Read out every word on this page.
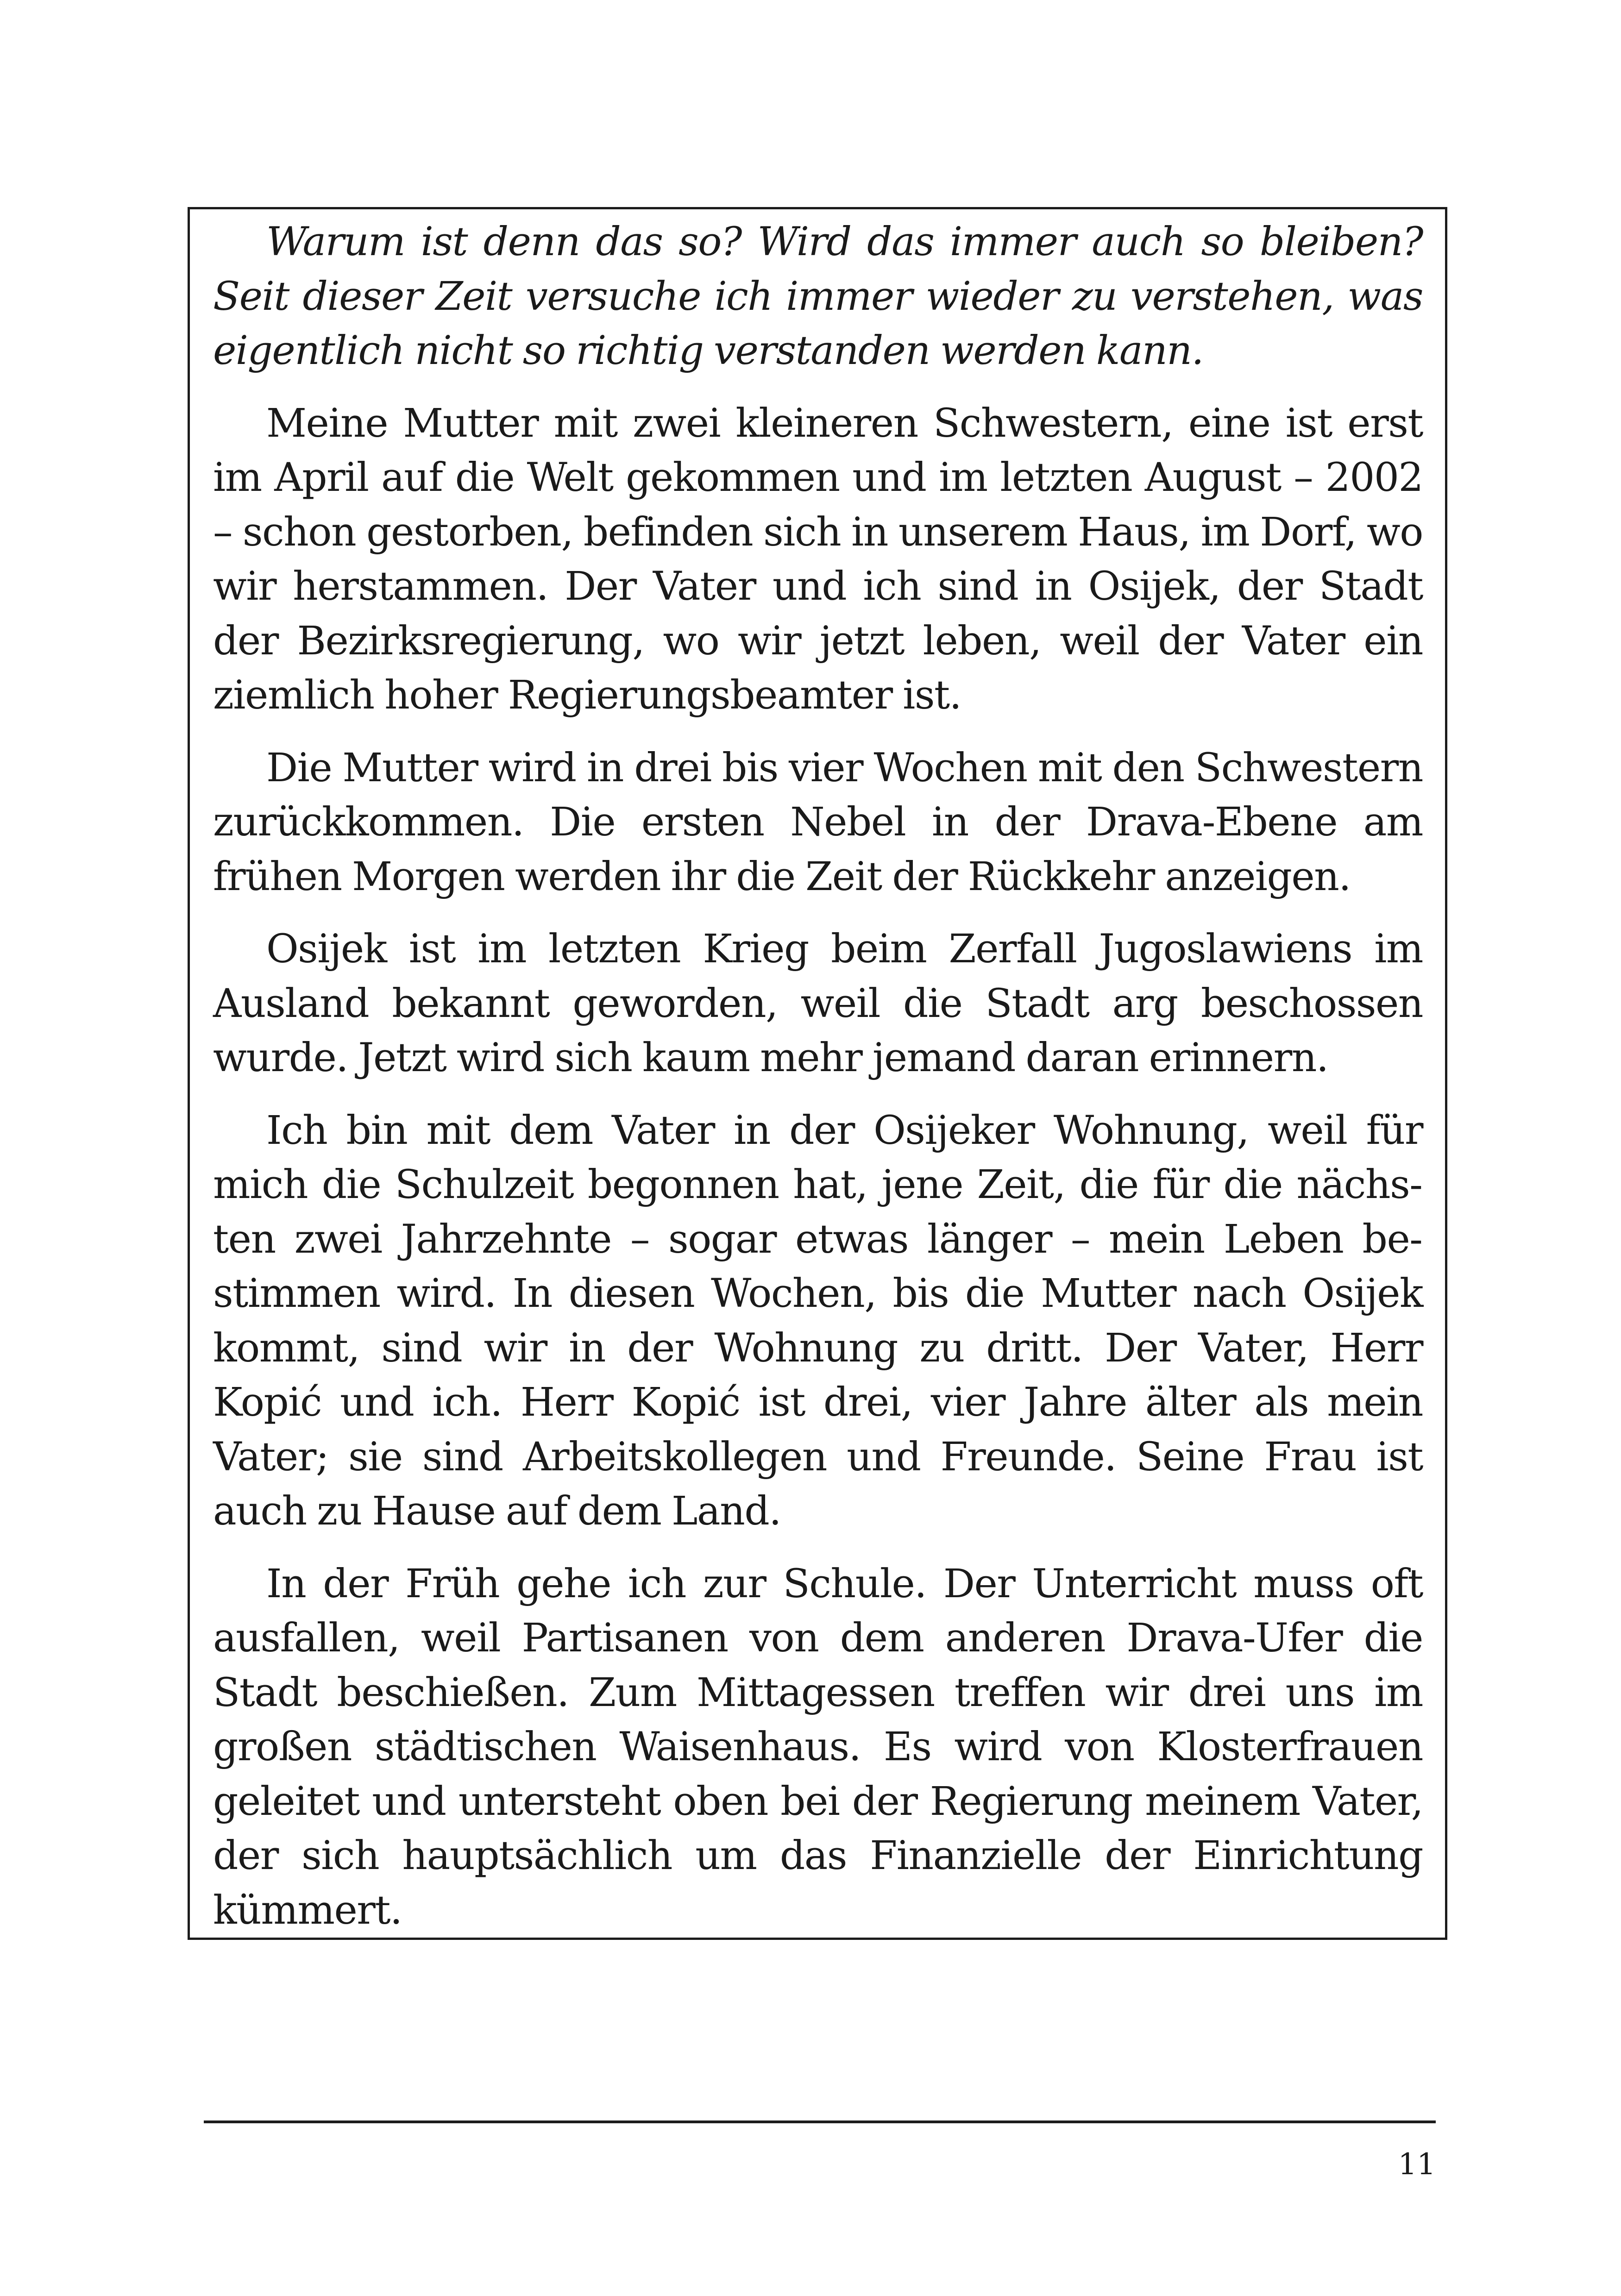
Warum ist denn das so? Wird das immer auch so bleiben? Seit dieser Zeit versuche ich immer wieder zu verstehen, was eigentlich nicht so richtig verstanden werden kann.

Meine Mutter mit zwei kleineren Schwestern, eine ist erst im April auf die Welt gekommen und im letzten August – 2002 – schon gestorben, befinden sich in unserem Haus, im Dorf, wo wir herstammen. Der Vater und ich sind in Osijek, der Stadt der Bezirksregierung, wo wir jetzt leben, weil der Vater ein ziemlich hoher Regierungsbeamter ist.

Die Mutter wird in drei bis vier Wochen mit den Schwestern zurückkommen. Die ersten Nebel in der Drava-Ebene am frühen Morgen werden ihr die Zeit der Rückkehr anzeigen.

Osijek ist im letzten Krieg beim Zerfall Jugoslawiens im Ausland bekannt geworden, weil die Stadt arg beschossen wurde. Jetzt wird sich kaum mehr jemand daran erinnern.

Ich bin mit dem Vater in der Osijeker Wohnung, weil für mich die Schulzeit begonnen hat, jene Zeit, die für die nächsten zwei Jahrzehnte – sogar etwas länger – mein Leben bestimmen wird. In diesen Wochen, bis die Mutter nach Osijek kommt, sind wir in der Wohnung zu dritt. Der Vater, Herr Kopić und ich. Herr Kopić ist drei, vier Jahre älter als mein Vater; sie sind Arbeitskollegen und Freunde. Seine Frau ist auch zu Hause auf dem Land.

In der Früh gehe ich zur Schule. Der Unterricht muss oft ausfallen, weil Partisanen von dem anderen Drava-Ufer die Stadt beschießen. Zum Mittagessen treffen wir drei uns im großen städtischen Waisenhaus. Es wird von Klosterfrauen geleitet und untersteht oben bei der Regierung meinem Vater, der sich hauptsächlich um das Finanzielle der Einrichtung kümmert.

11
